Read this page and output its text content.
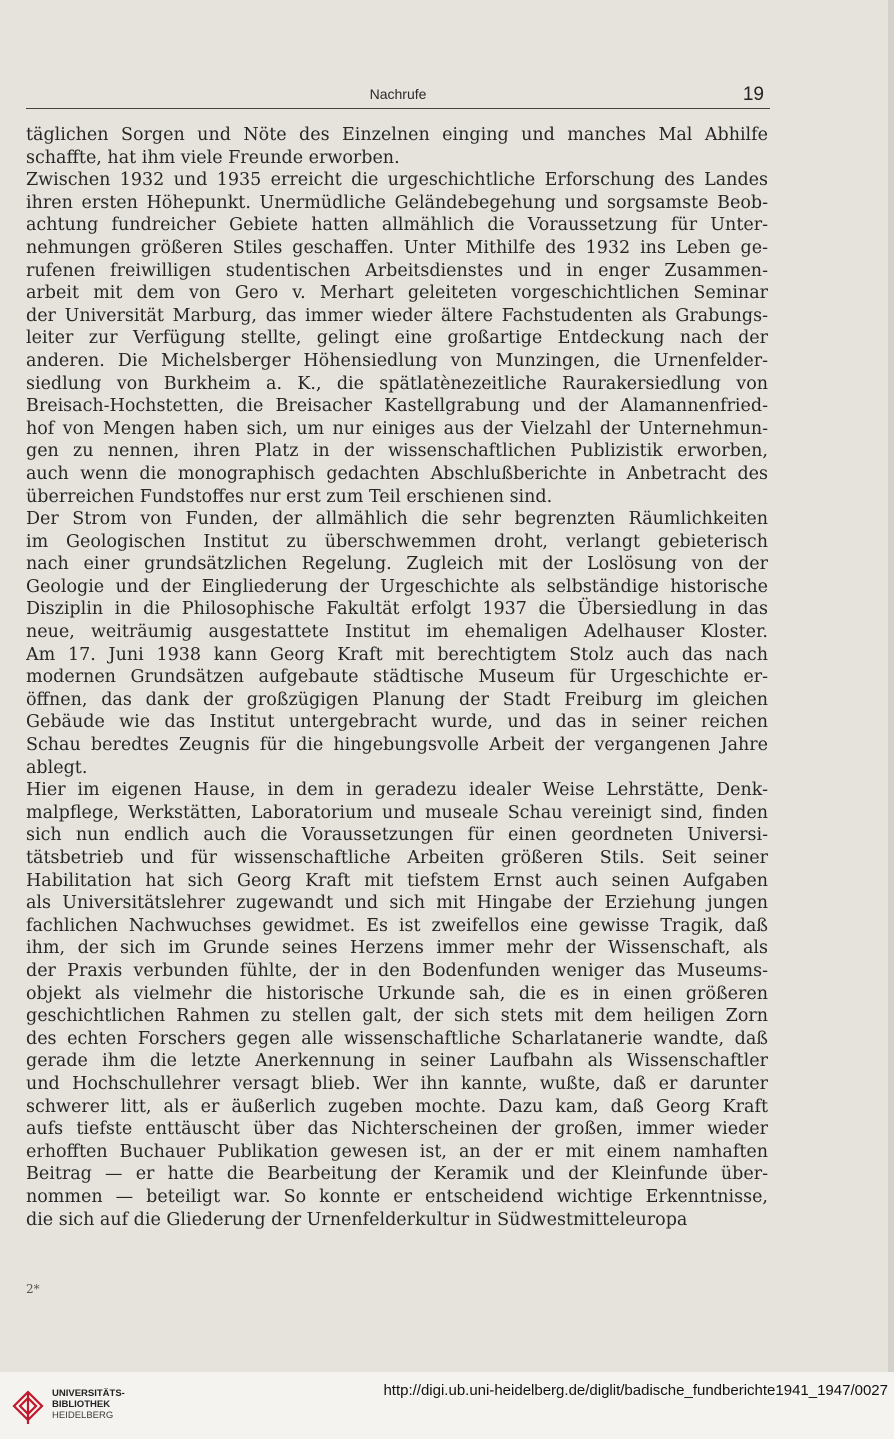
Nachrufe	19
täglichen Sorgen und Nöte des Einzelnen einging und manches Mal Abhilfe
schaffte, hat ihm viele Freunde erworben.
Zwischen 1932 und 1935 erreicht die urgeschichtliche Erforschung des Landes
ihren ersten Höhepunkt. Unermüdliche Geländebegehung und sorgsamste Beob-
achtung fundreicher Gebiete hatten allmählich die Voraussetzung für Unter-
nehmungen größeren Stiles geschaffen. Unter Mithilfe des 1932 ins Leben ge-
rufenen freiwilligen studentischen Arbeitsdienstes und in enger Zusammen-
arbeit mit dem von Gero v. Merhart geleiteten vorgeschichtlichen Seminar
der Universität Marburg, das immer wieder ältere Fachstudenten als Grabungs-
leiter zur Verfügung stellte, gelingt eine großartige Entdeckung nach der
anderen. Die Michelsberger Höhensiedlung von Munzingen, die Urnenfelder-
siedlung von Burkheim a. K., die spätlatènezeitliche Raurakersiedlung von
Breisach-Hochstetten, die Breisacher Kastellgrabung und der Alamannenfried-
hof von Mengen haben sich, um nur einiges aus der Vielzahl der Unternehmun-
gen zu nennen, ihren Platz in der wissenschaftlichen Publizistik erworben,
auch wenn die monographisch gedachten Abschlußberichte in Anbetracht des
überreichen Fundstoffes nur erst zum Teil erschienen sind.
Der Strom von Funden, der allmählich die sehr begrenzten Räumlichkeiten
im Geologischen Institut zu überschwemmen droht, verlangt gebieterisch
nach einer grundsätzlichen Regelung. Zugleich mit der Loslösung von der
Geologie und der Eingliederung der Urgeschichte als selbständige historische
Disziplin in die Philosophische Fakultät erfolgt 1937 die Übersiedlung in das
neue, weiträumig ausgestattete Institut im ehemaligen Adelhauser Kloster.
Am 17. Juni 1938 kann Georg Kraft mit berechtigtem Stolz auch das nach
modernen Grundsätzen aufgebaute städtische Museum für Urgeschichte er-
öffnen, das dank der großzügigen Planung der Stadt Freiburg im gleichen
Gebäude wie das Institut untergebracht wurde, und das in seiner reichen
Schau beredtes Zeugnis für die hingebungsvolle Arbeit der vergangenen Jahre
ablegt.
Hier im eigenen Hause, in dem in geradezu idealer Weise Lehrstätte, Denk-
malpflege, Werkstätten, Laboratorium und museale Schau vereinigt sind, finden
sich nun endlich auch die Voraussetzungen für einen geordneten Universi-
tätsbetrieb und für wissenschaftliche Arbeiten größeren Stils. Seit seiner
Habilitation hat sich Georg Kraft mit tiefstem Ernst auch seinen Aufgaben
als Universitätslehrer zugewandt und sich mit Hingabe der Erziehung jungen
fachlichen Nachwuchses gewidmet. Es ist zweifellos eine gewisse Tragik, daß
ihm, der sich im Grunde seines Herzens immer mehr der Wissenschaft, als
der Praxis verbunden fühlte, der in den Bodenfunden weniger das Museums-
objekt als vielmehr die historische Urkunde sah, die es in einen größeren
geschichtlichen Rahmen zu stellen galt, der sich stets mit dem heiligen Zorn
des echten Forschers gegen alle wissenschaftliche Scharlatanerie wandte, daß
gerade ihm die letzte Anerkennung in seiner Laufbahn als Wissenschaftler
und Hochschullehrer versagt blieb. Wer ihn kannte, wußte, daß er darunter
schwerer litt, als er äußerlich zugeben mochte. Dazu kam, daß Georg Kraft
aufs tiefste enttäuscht über das Nichterscheinen der großen, immer wieder
erhofften Buchauer Publikation gewesen ist, an der er mit einem namhaften
Beitrag — er hatte die Bearbeitung der Keramik und der Kleinfunde über-
nommen — beteiligt war. So konnte er entscheidend wichtige Erkenntnisse,
die sich auf die Gliederung der Urnenfelderkultur in Südwestmitteleuropa
2*
UNIVERSITÄTS-
BIBLIOTHEK
HEIDELBERG
http://digi.ub.uni-heidelberg.de/diglit/badische_fundberichte1941_1947/0027
